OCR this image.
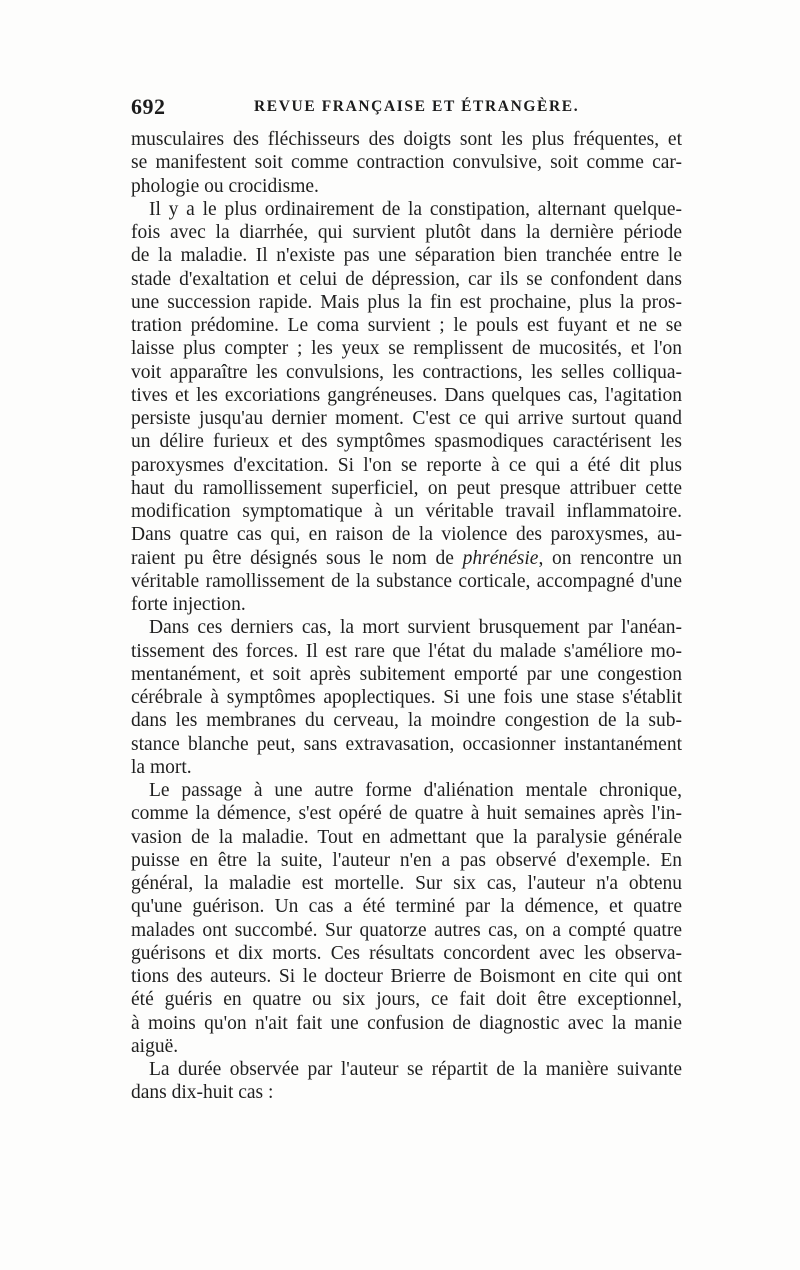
692	REVUE FRANÇAISE ET ÉTRANGÈRE.
musculaires des fléchisseurs des doigts sont les plus fréquentes, et
se manifestent soit comme contraction convulsive, soit comme car-
phologie ou crocidisme.
Il y a le plus ordinairement de la constipation, alternant quelque-
fois avec la diarrhée, qui survient plutôt dans la dernière période
de la maladie. Il n'existe pas une séparation bien tranchée entre le
stade d'exaltation et celui de dépression, car ils se confondent dans
une succession rapide. Mais plus la fin est prochaine, plus la pros-
tration prédomine. Le coma survient ; le pouls est fuyant et ne se
laisse plus compter ; les yeux se remplissent de mucosités, et l'on
voit apparaître les convulsions, les contractions, les selles colliqua-
tives et les excoriations gangréneuses. Dans quelques cas, l'agitation
persiste jusqu'au dernier moment. C'est ce qui arrive surtout quand
un délire furieux et des symptômes spasmodiques caractérisent les
paroxysmes d'excitation. Si l'on se reporte à ce qui a été dit plus
haut du ramollissement superficiel, on peut presque attribuer cette
modification symptomatique à un véritable travail inflammatoire.
Dans quatre cas qui, en raison de la violence des paroxysmes, au-
raient pu être désignés sous le nom de phrénésie, on rencontre un
véritable ramollissement de la substance corticale, accompagné d'une
forte injection.
Dans ces derniers cas, la mort survient brusquement par l'anéan-
tissement des forces. Il est rare que l'état du malade s'améliore mo-
mentanément, et soit après subitement emporté par une congestion
cérébrale à symptômes apoplectiques. Si une fois une stase s'établit
dans les membranes du cerveau, la moindre congestion de la sub-
stance blanche peut, sans extravasation, occasionner instantanément
la mort.
Le passage à une autre forme d'aliénation mentale chronique,
comme la démence, s'est opéré de quatre à huit semaines après l'in-
vasion de la maladie. Tout en admettant que la paralysie générale
puisse en être la suite, l'auteur n'en a pas observé d'exemple. En
général, la maladie est mortelle. Sur six cas, l'auteur n'a obtenu
qu'une guérison. Un cas a été terminé par la démence, et quatre
malades ont succombé. Sur quatorze autres cas, on a compté quatre
guérisons et dix morts. Ces résultats concordent avec les observa-
tions des auteurs. Si le docteur Brierre de Boismont en cite qui ont
été guéris en quatre ou six jours, ce fait doit être exceptionnel,
à moins qu'on n'ait fait une confusion de diagnostic avec la manie
aiguë.
La durée observée par l'auteur se répartit de la manière suivante
dans dix-huit cas :
